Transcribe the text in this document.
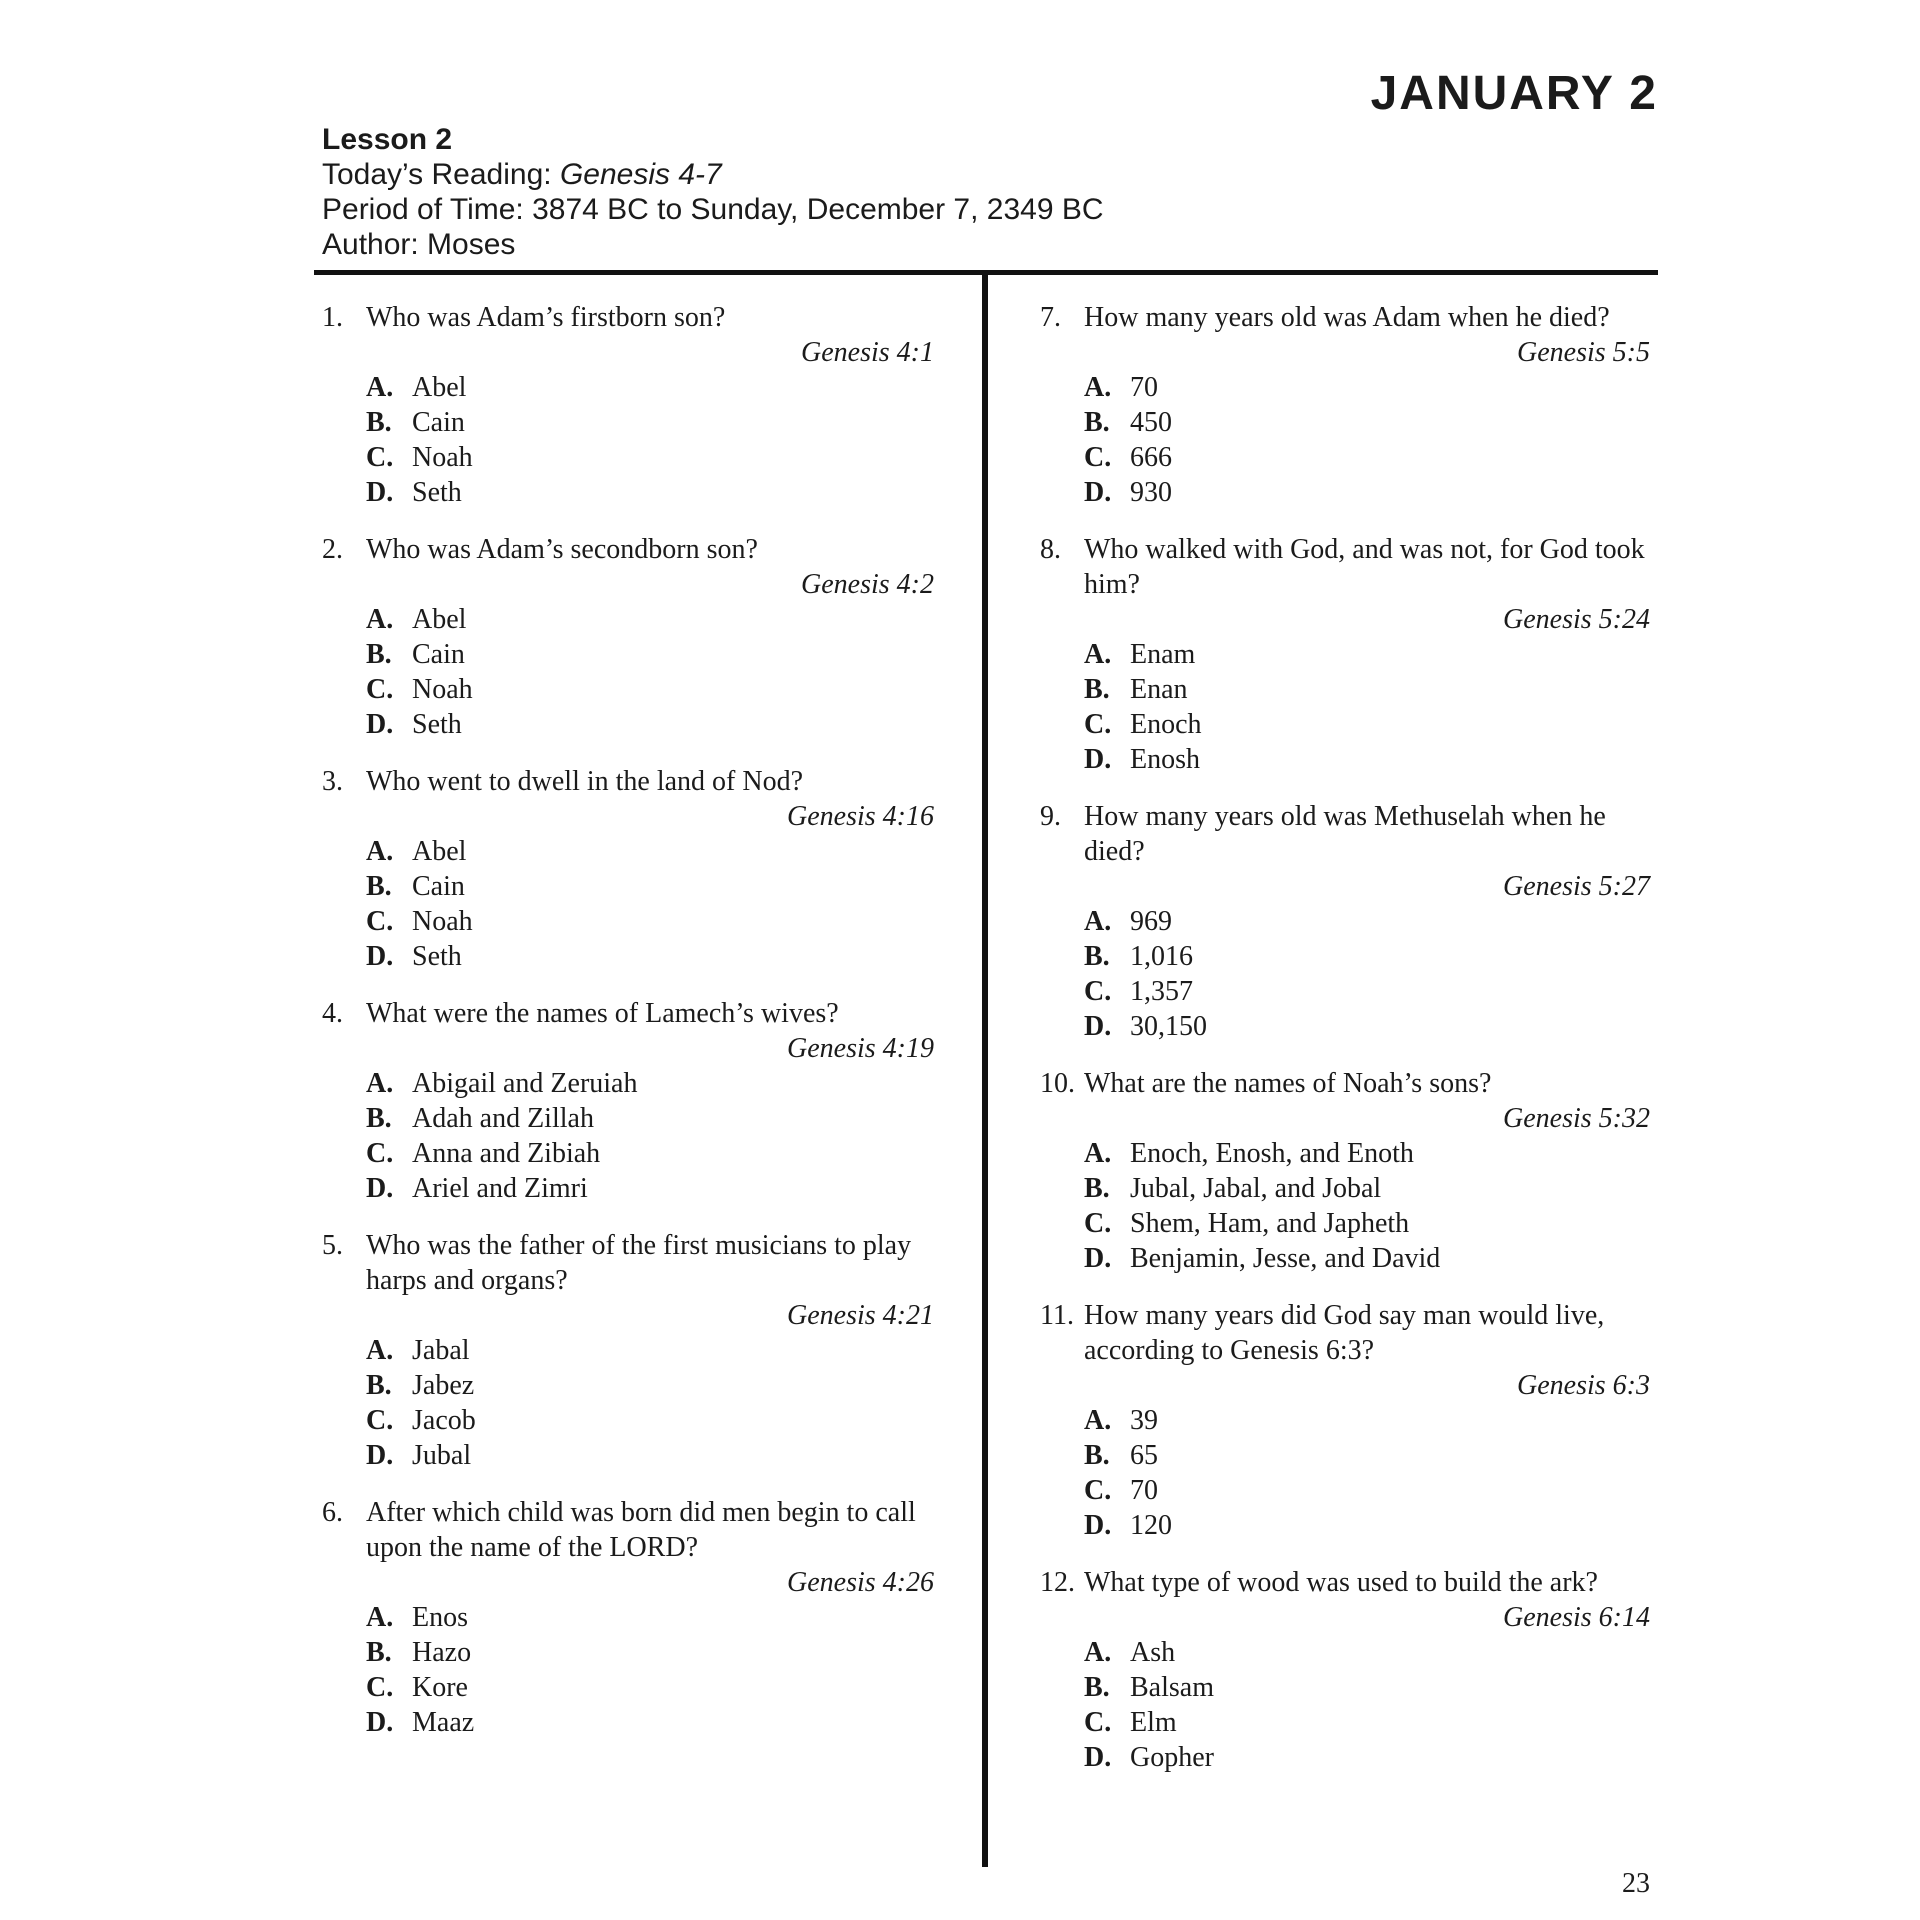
JANUARY 2
Lesson 2
Today’s Reading: Genesis 4-7
Period of Time: 3874 BC to Sunday, December 7, 2349 BC
Author: Moses
1. Who was Adam’s firstborn son?
Genesis 4:1
A. Abel
B. Cain
C. Noah
D. Seth
2. Who was Adam’s secondborn son?
Genesis 4:2
A. Abel
B. Cain
C. Noah
D. Seth
3. Who went to dwell in the land of Nod?
Genesis 4:16
A. Abel
B. Cain
C. Noah
D. Seth
4. What were the names of Lamech’s wives?
Genesis 4:19
A. Abigail and Zeruiah
B. Adah and Zillah
C. Anna and Zibiah
D. Ariel and Zimri
5. Who was the father of the first musicians to play harps and organs?
Genesis 4:21
A. Jabal
B. Jabez
C. Jacob
D. Jubal
6. After which child was born did men begin to call upon the name of the LORD?
Genesis 4:26
A. Enos
B. Hazo
C. Kore
D. Maaz
7. How many years old was Adam when he died?
Genesis 5:5
A. 70
B. 450
C. 666
D. 930
8. Who walked with God, and was not, for God took him?
Genesis 5:24
A. Enam
B. Enan
C. Enoch
D. Enosh
9. How many years old was Methuselah when he died?
Genesis 5:27
A. 969
B. 1,016
C. 1,357
D. 30,150
10. What are the names of Noah’s sons?
Genesis 5:32
A. Enoch, Enosh, and Enoth
B. Jubal, Jabal, and Jobal
C. Shem, Ham, and Japheth
D. Benjamin, Jesse, and David
11. How many years did God say man would live, according to Genesis 6:3?
Genesis 6:3
A. 39
B. 65
C. 70
D. 120
12. What type of wood was used to build the ark?
Genesis 6:14
A. Ash
B. Balsam
C. Elm
D. Gopher
23
